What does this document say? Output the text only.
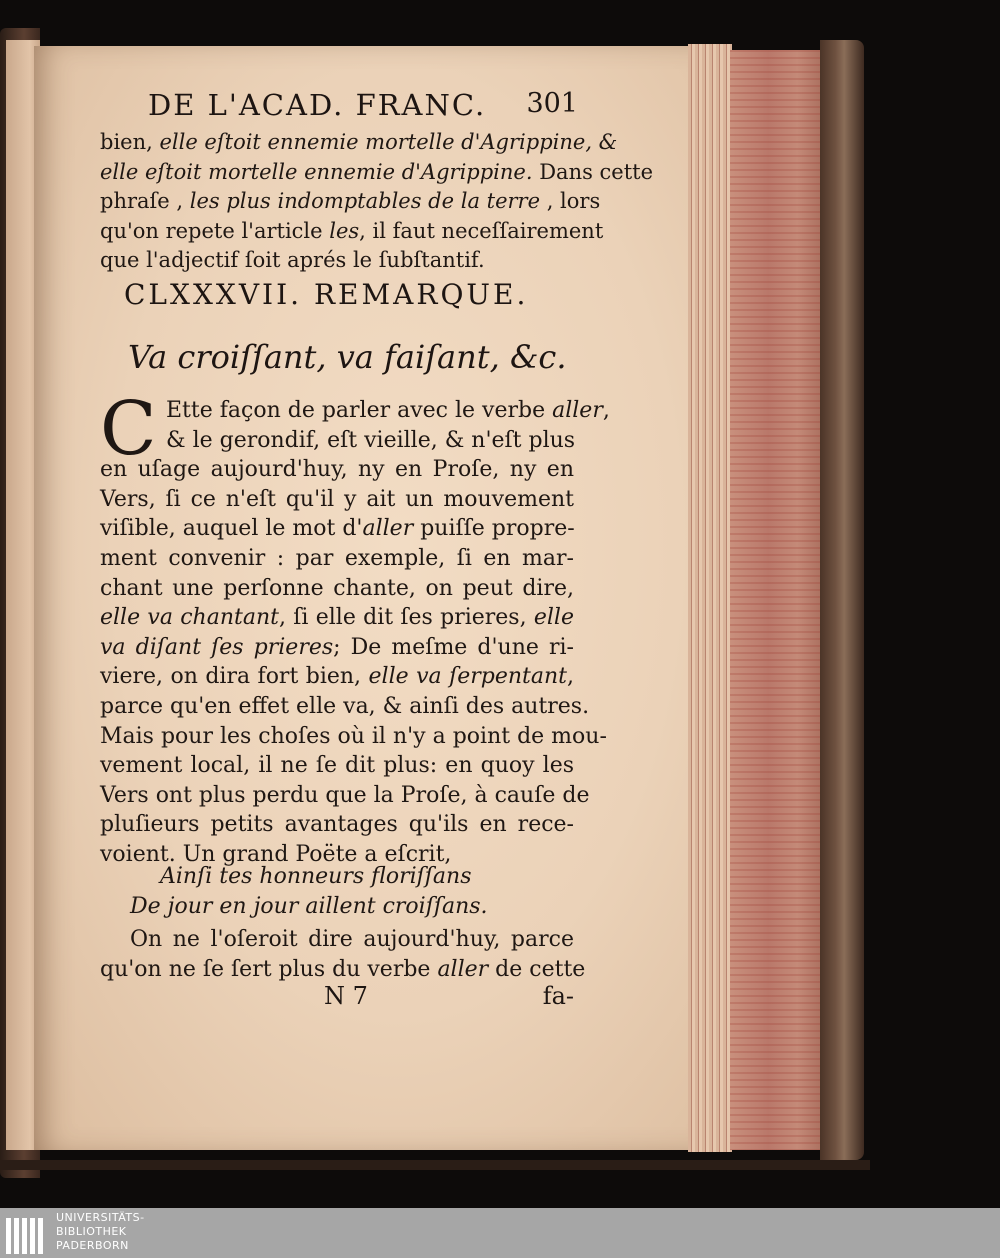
DE L'ACAD. FRANC. 301
bien, elle eſtoit ennemie mortelle d'Agrippine, &
elle eſtoit mortelle ennemie d'Agrippine. Dans cette
phraſe , les plus indomptables de la terre , lors
qu'on repete l'article les, il faut neceſſairement
que l'adjectif ſoit aprés le ſubſtantif.
CLXXXVII. REMARQUE.
Va croiſſant, va faiſant, &c.
C Ette façon de parler avec le verbe aller,
& le gerondif, eſt vieille, & n'eſt plus
en uſage aujourd'huy, ny en Proſe, ny en
Vers, ſi ce n'eſt qu'il y ait un mouvement
viſible, auquel le mot d'aller puiſſe propre-
ment convenir : par exemple, ſi en mar-
chant une perſonne chante, on peut dire,
elle va chantant, ſi elle dit ſes prieres, elle
va diſant ſes prieres; De meſme d'une ri-
viere, on dira fort bien, elle va ſerpentant,
parce qu'en effet elle va, & ainſi des autres.
Mais pour les choſes où il n'y a point de mou-
vement local, il ne ſe dit plus: en quoy les
Vers ont plus perdu que la Proſe, à cauſe de
pluſieurs petits avantages qu'ils en rece-
voient. Un grand Poëte a eſcrit,
Ainſi tes honneurs floriſſans
De jour en jour aillent croiſſans.
On ne l'oſeroit dire aujourd'huy, parce
qu'on ne ſe ſert plus du verbe aller de cette
N 7	fa-
UNIVERSITÄTS-
BIBLIOTHEK
PADERBORN
